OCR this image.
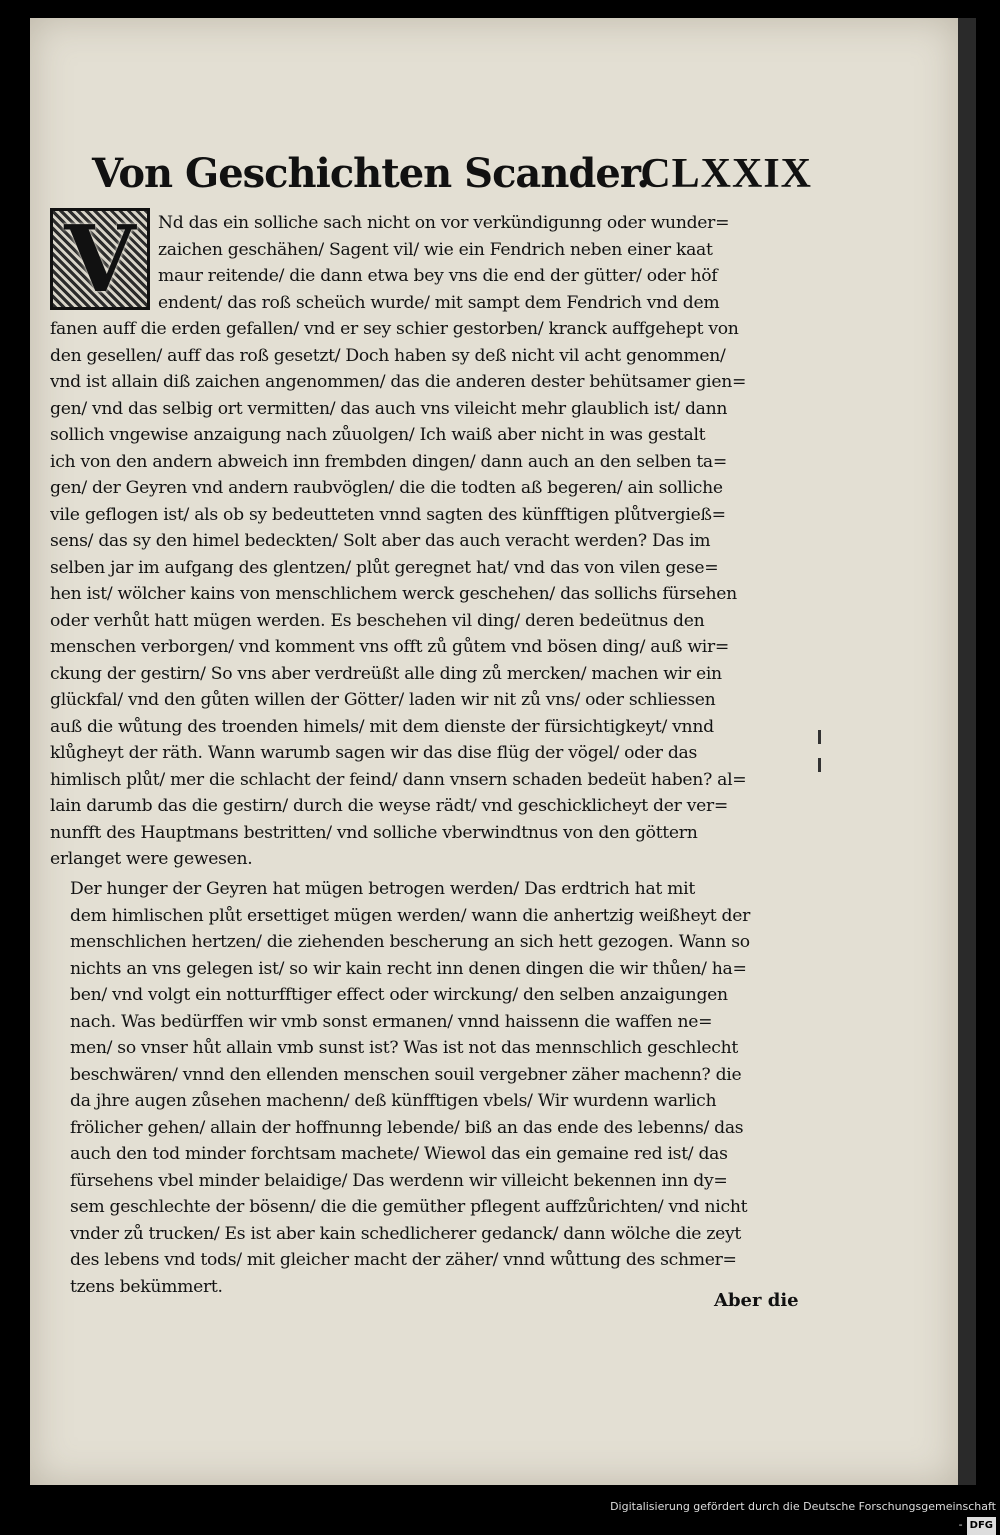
Von Geschichten Scander.
CLXXIX
V	Nd das ein solliche sach nicht on vor verkündigunng oder wunder=
zaichen geschähen/ Sagent vil/ wie ein Fendrich neben einer kaat
maur reitende/ die dann etwa bey vns die end der gütter/ oder höf
endent/ das roß scheüch wurde/ mit sampt dem Fendrich vnd dem
fanen auff die erden gefallen/ vnd er sey schier gestorben/ kranck auffgehept von
den gesellen/ auff das roß gesetzt/ Doch haben sy deß nicht vil acht genommen/
vnd ist allain diß zaichen angenommen/ das die anderen dester behütsamer gien=
gen/ vnd das selbig ort vermitten/ das auch vns vileicht mehr glaublich ist/ dann
sollich vngewise anzaigung nach zůuolgen/ Ich waiß aber nicht in was gestalt
ich von den andern abweich inn frembden dingen/ dann auch an den selben ta=
gen/ der Geyren vnd andern raubvöglen/ die die todten aß begeren/ ain solliche
vile geflogen ist/ als ob sy bedeutteten vnnd sagten des künfftigen plůtvergieß=
sens/ das sy den himel bedeckten/ Solt aber das auch veracht werden? Das im
selben jar im aufgang des glentzen/ plůt geregnet hat/ vnd das von vilen gese=
hen ist/ wölcher kains von menschlichem werck geschehen/ das sollichs fürsehen
oder verhůt hatt mügen werden. Es beschehen vil ding/ deren bedeütnus den
menschen verborgen/ vnd komment vns offt zů gůtem vnd bösen ding/ auß wir=
ckung der gestirn/ So vns aber verdreüßt alle ding zů mercken/ machen wir ein
glückfal/ vnd den gůten willen der Götter/ laden wir nit zů vns/ oder schliessen
auß die wůtung des troenden himels/ mit dem dienste der fürsichtigkeyt/ vnnd
klůgheyt der räth. Wann warumb sagen wir das dise flüg der vögel/ oder das
himlisch plůt/ mer die schlacht der feind/ dann vnsern schaden bedeüt haben? al=
lain darumb das die gestirn/ durch die weyse rädt/ vnd geschicklicheyt der ver=
nunfft des Hauptmans bestritten/ vnd solliche vberwindtnus von den göttern
erlanget were gewesen.
Der hunger der Geyren hat mügen betrogen werden/ Das erdtrich hat mit
dem himlischen plůt ersettiget mügen werden/ wann die anhertzig weißheyt der
menschlichen hertzen/ die ziehenden bescherung an sich hett gezogen. Wann so
nichts an vns gelegen ist/ so wir kain recht inn denen dingen die wir thůen/ ha=
ben/ vnd volgt ein notturfftiger effect oder wirckung/ den selben anzaigungen
nach. Was bedürffen wir vmb sonst ermanen/ vnnd haissenn die waffen ne=
men/ so vnser hůt allain vmb sunst ist? Was ist not das mennschlich geschlecht
beschwären/ vnnd den ellenden menschen souil vergebner zäher machenn? die
da jhre augen zůsehen machenn/ deß künfftigen vbels/ Wir wurdenn warlich
frölicher gehen/ allain der hoffnunng lebende/ biß an das ende des lebenns/ das
auch den tod minder forchtsam machete/ Wiewol das ein gemaine red ist/ das
fürsehens vbel minder belaidige/ Das werdenn wir villeicht bekennen inn dy=
sem geschlechte der bösenn/ die die gemüther pflegent auffzůrichten/ vnd nicht
vnder zů trucken/ Es ist aber kain schedlicherer gedanck/ dann wölche die zeyt
des lebens vnd tods/ mit gleicher macht der zäher/ vnnd wůttung des schmer=
tzens bekümmert.
Aber die
Digitalisierung gefördert durch die Deutsche Forschungsgemeinschaft - DFG
